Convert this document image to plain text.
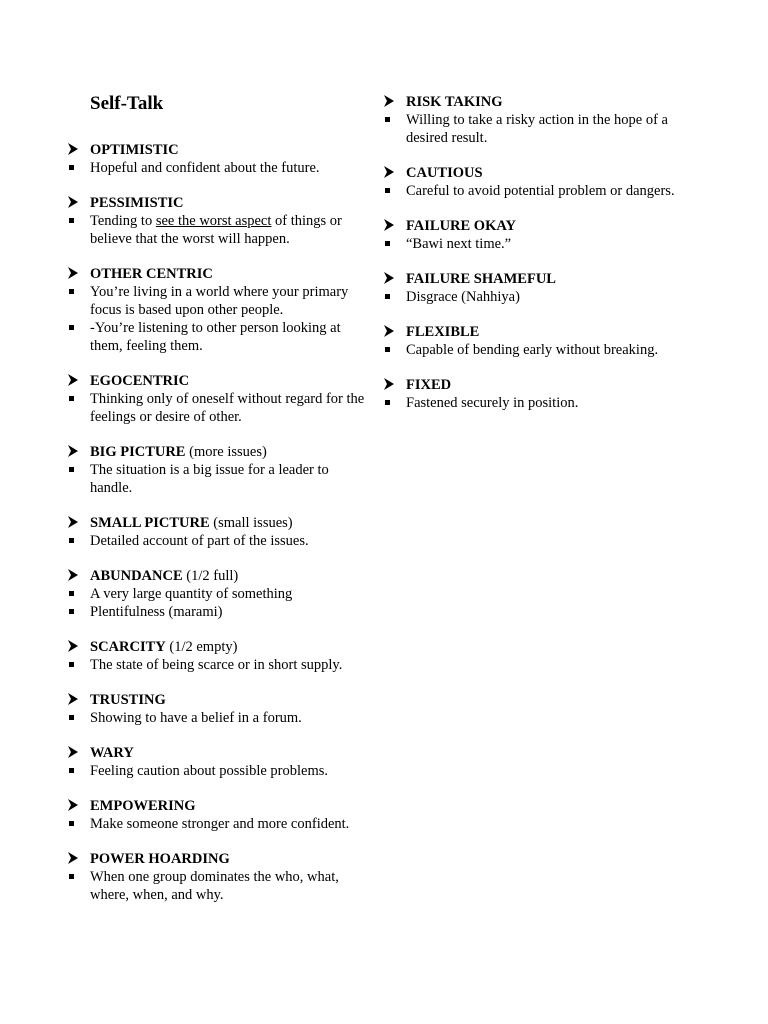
Self-Talk
OPTIMISTIC
Hopeful and confident about the future.
PESSIMISTIC
Tending to see the worst aspect of things or believe that the worst will happen.
OTHER CENTRIC
You’re living in a world where your primary focus is based upon other people.
-You’re listening to other person looking at them, feeling them.
EGOCENTRIC
Thinking only of oneself without regard for the feelings or desire of other.
BIG PICTURE (more issues)
The situation is a big issue for a leader to handle.
SMALL PICTURE (small issues)
Detailed account of part of the issues.
ABUNDANCE (1/2 full)
A very large quantity of something
Plentifulness (marami)
SCARCITY (1/2 empty)
The state of being scarce or in short supply.
TRUSTING
Showing to have a belief in a forum.
WARY
Feeling caution about possible problems.
EMPOWERING
Make someone stronger and more confident.
POWER HOARDING
When one group dominates the who, what, where, when, and why.
RISK TAKING
Willing to take a risky action in the hope of a desired result.
CAUTIOUS
Careful to avoid potential problem or dangers.
FAILURE OKAY
“Bawi next time.”
FAILURE SHAMEFUL
Disgrace (Nahhiya)
FLEXIBLE
Capable of bending early without breaking.
FIXED
Fastened securely in position.
